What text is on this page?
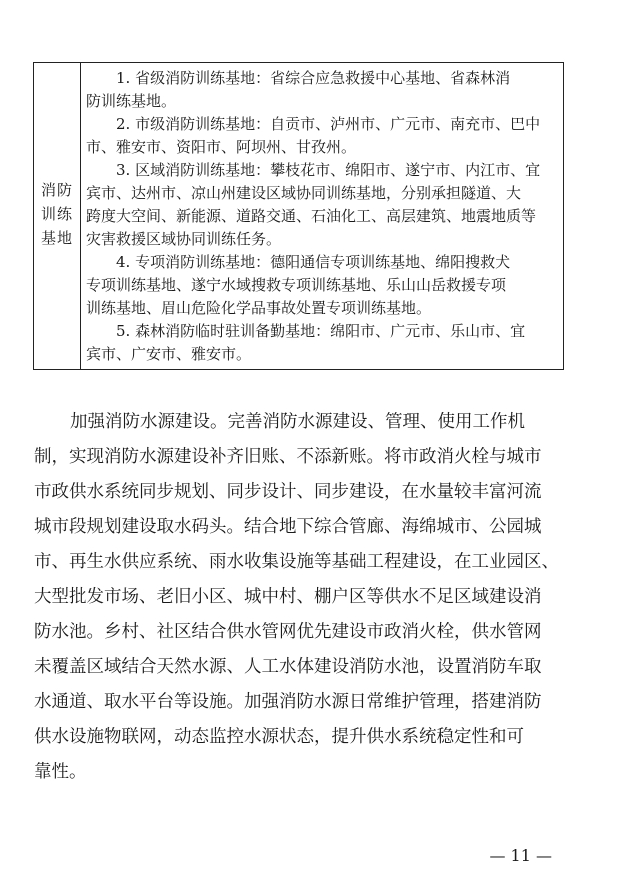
消防
训练
基地
　　1. 省级消防训练基地：省综合应急救援中心基地、省森林消
防训练基地。
　　2. 市级消防训练基地：自贡市、泸州市、广元市、南充市、巴中
市、雅安市、资阳市、阿坝州、甘孜州。
　　3. 区域消防训练基地：攀枝花市、绵阳市、遂宁市、内江市、宜
宾市、达州市、凉山州建设区域协同训练基地，分别承担隧道、大
跨度大空间、新能源、道路交通、石油化工、高层建筑、地震地质等
灾害救援区域协同训练任务。
　　4. 专项消防训练基地：德阳通信专项训练基地、绵阳搜救犬
专项训练基地、遂宁水域搜救专项训练基地、乐山山岳救援专项
训练基地、眉山危险化学品事故处置专项训练基地。
　　5. 森林消防临时驻训备勤基地：绵阳市、广元市、乐山市、宜
宾市、广安市、雅安市。
加强消防水源建设。完善消防水源建设、管理、使用工作机
制，实现消防水源建设补齐旧账、不添新账。将市政消火栓与城市
市政供水系统同步规划、同步设计、同步建设，在水量较丰富河流
城市段规划建设取水码头。结合地下综合管廊、海绵城市、公园城
市、再生水供应系统、雨水收集设施等基础工程建设，在工业园区、
大型批发市场、老旧小区、城中村、棚户区等供水不足区域建设消
防水池。乡村、社区结合供水管网优先建设市政消火栓，供水管网
未覆盖区域结合天然水源、人工水体建设消防水池，设置消防车取
水通道、取水平台等设施。加强消防水源日常维护管理，搭建消防
供水设施物联网，动态监控水源状态，提升供水系统稳定性和可
靠性。
— 11 —
